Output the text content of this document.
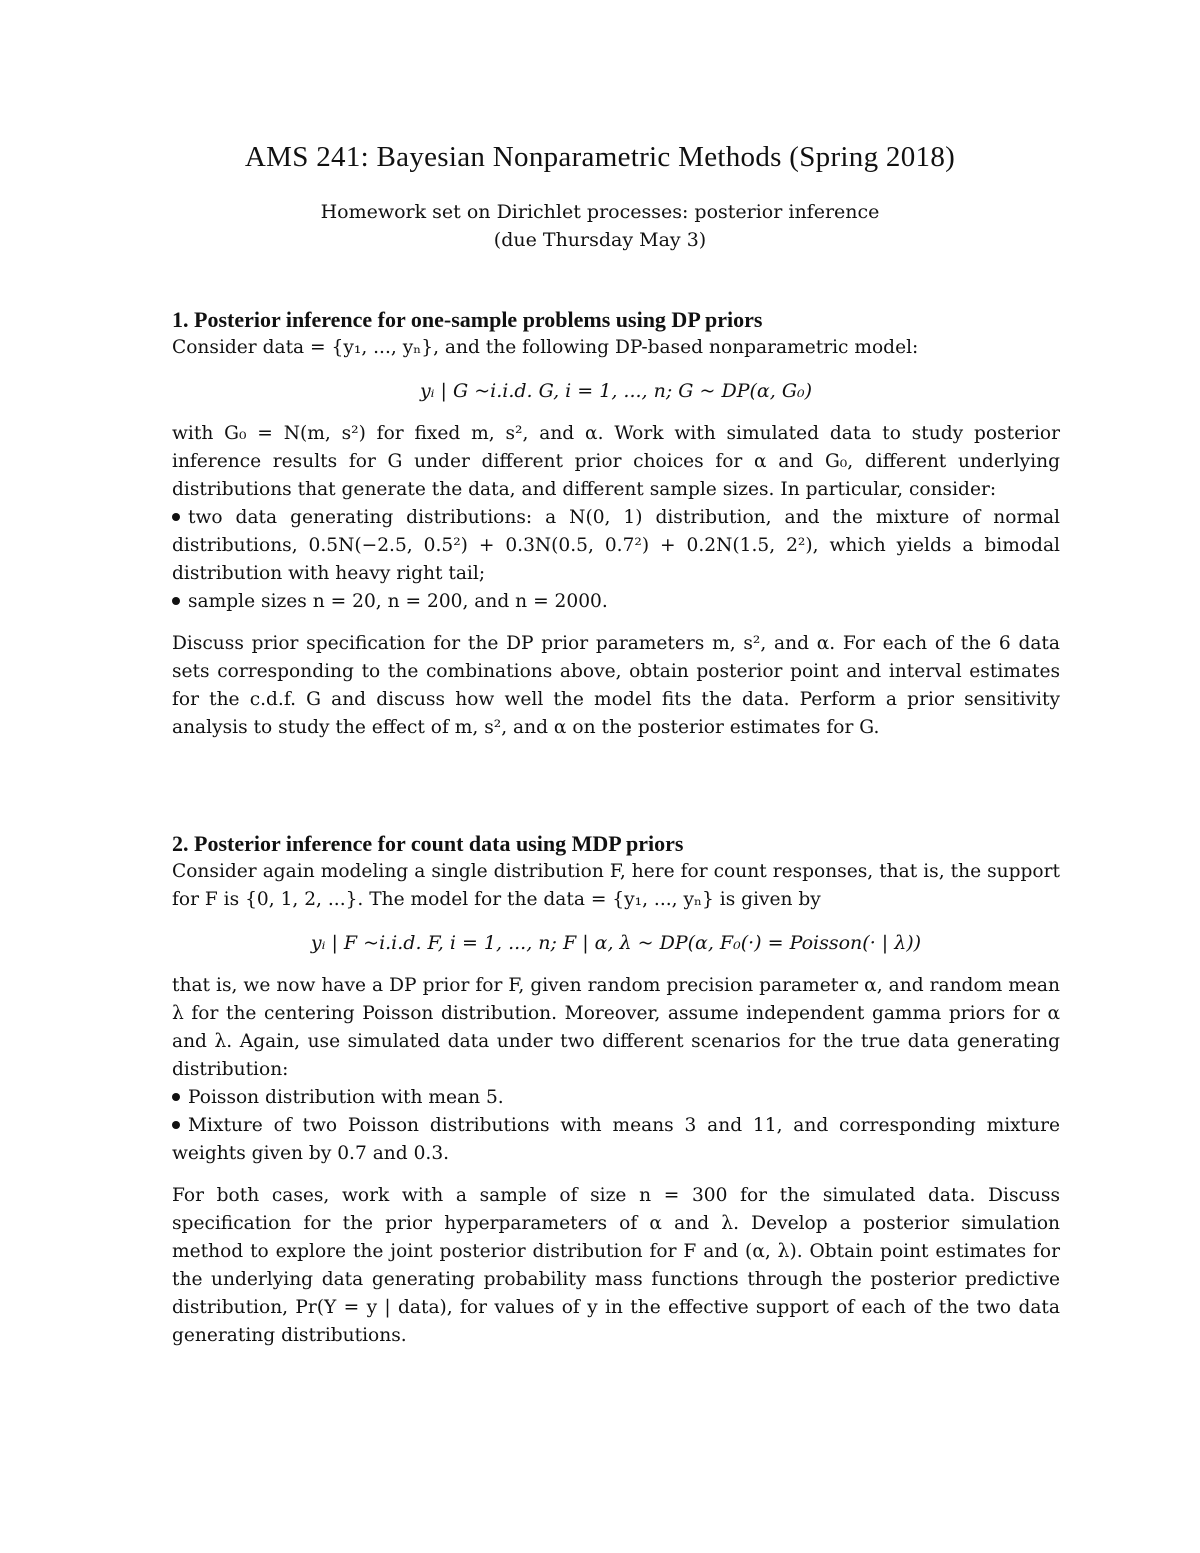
AMS 241: Bayesian Nonparametric Methods (Spring 2018)
Homework set on Dirichlet processes: posterior inference
(due Thursday May 3)
1. Posterior inference for one-sample problems using DP priors

Consider data = {y₁, ..., yₙ}, and the following DP-based nonparametric model:

yᵢ | G ~i.i.d. G, i = 1, ..., n; G ~ DP(α, G₀)

with G₀ = N(m, s²) for fixed m, s², and α. Work with simulated data to study posterior inference results for G under different prior choices for α and G₀, different underlying distributions that generate the data, and different sample sizes. In particular, consider:

two data generating distributions: a N(0, 1) distribution, and the mixture of normal distributions, 0.5N(−2.5, 0.5²) + 0.3N(0.5, 0.7²) + 0.2N(1.5, 2²), which yields a bimodal distribution with heavy right tail;

sample sizes n = 20, n = 200, and n = 2000.

Discuss prior specification for the DP prior parameters m, s², and α. For each of the 6 data sets corresponding to the combinations above, obtain posterior point and interval estimates for the c.d.f. G and discuss how well the model fits the data. Perform a prior sensitivity analysis to study the effect of m, s², and α on the posterior estimates for G.

2. Posterior inference for count data using MDP priors

Consider again modeling a single distribution F, here for count responses, that is, the support for F is {0, 1, 2, ...}. The model for the data = {y₁, ..., yₙ} is given by

yᵢ | F ~i.i.d. F, i = 1, ..., n; F | α, λ ~ DP(α, F₀(·) = Poisson(· | λ))

that is, we now have a DP prior for F, given random precision parameter α, and random mean λ for the centering Poisson distribution. Moreover, assume independent gamma priors for α and λ. Again, use simulated data under two different scenarios for the true data generating distribution:

Poisson distribution with mean 5.

Mixture of two Poisson distributions with means 3 and 11, and corresponding mixture weights given by 0.7 and 0.3.

For both cases, work with a sample of size n = 300 for the simulated data. Discuss specification for the prior hyperparameters of α and λ. Develop a posterior simulation method to explore the joint posterior distribution for F and (α, λ). Obtain point estimates for the underlying data generating probability mass functions through the posterior predictive distribution, Pr(Y = y | data), for values of y in the effective support of each of the two data generating distributions.
